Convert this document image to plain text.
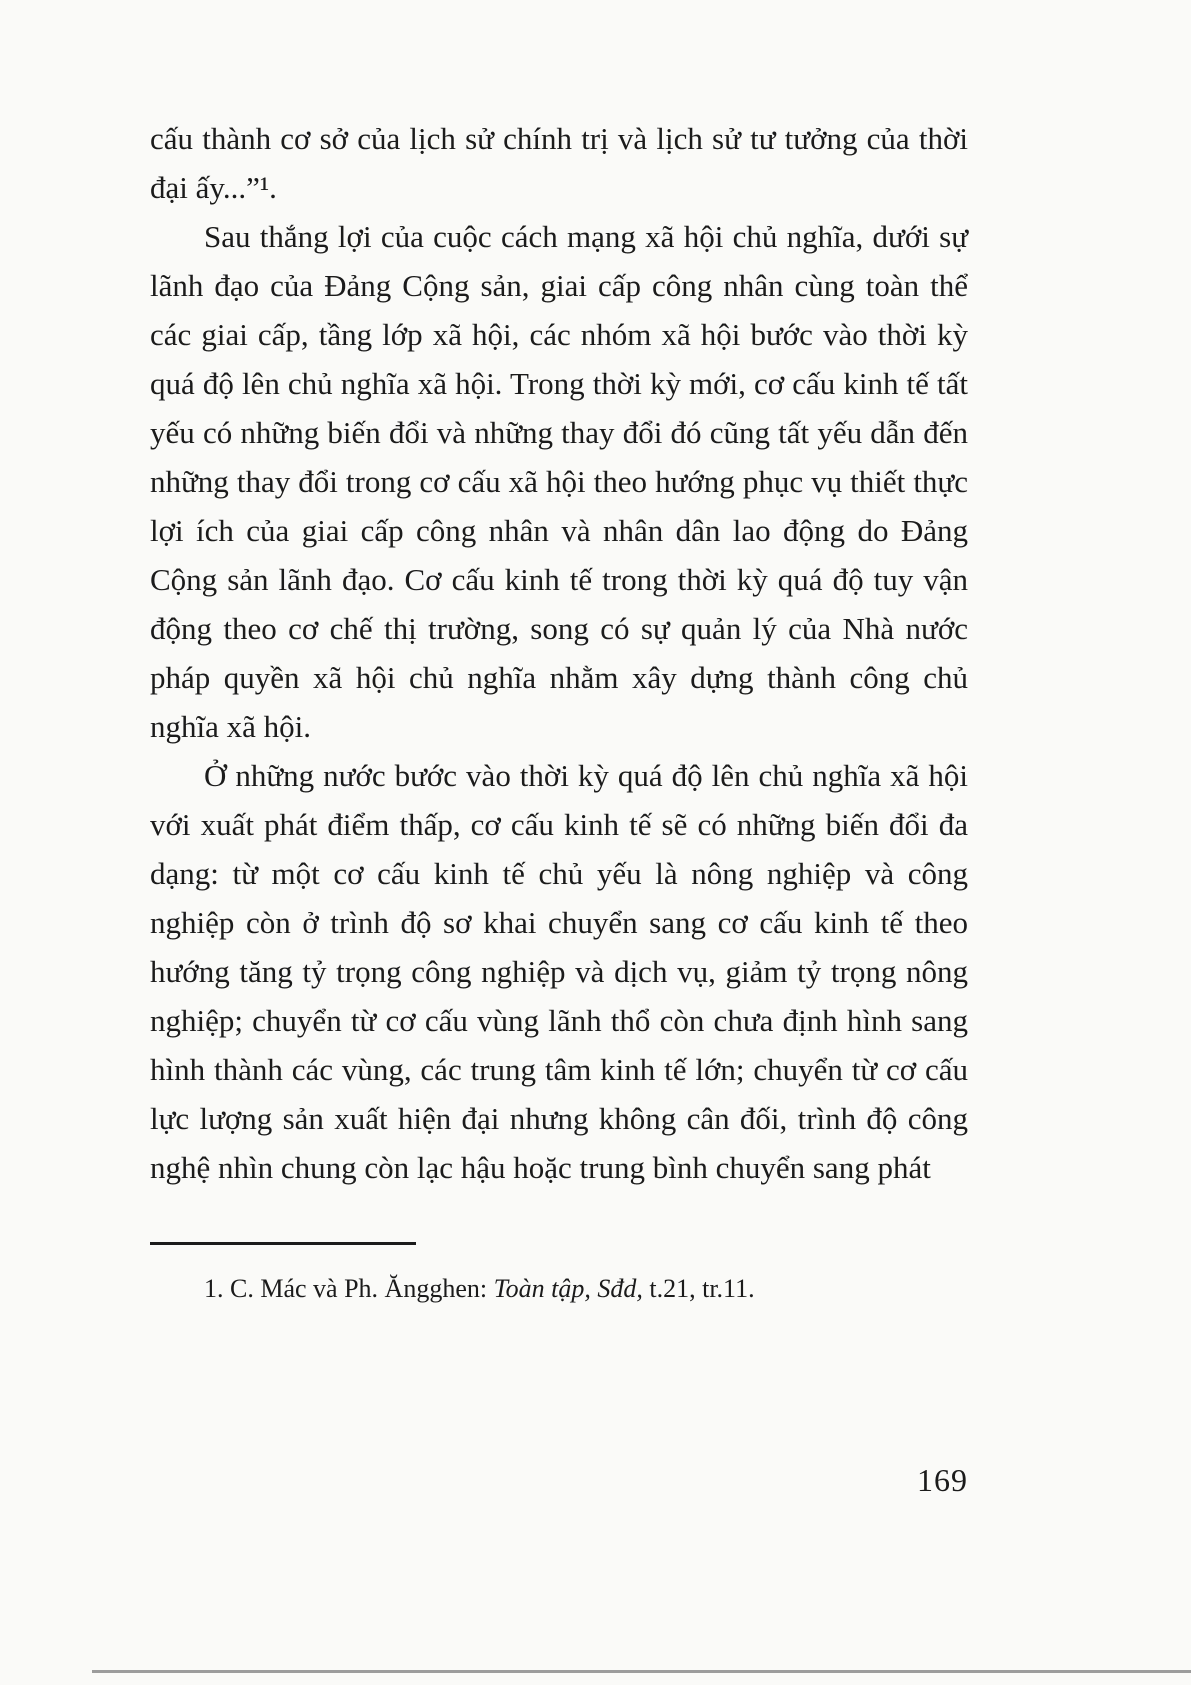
cấu thành cơ sở của lịch sử chính trị và lịch sử tư tưởng của thời đại ấy...”¹.

Sau thắng lợi của cuộc cách mạng xã hội chủ nghĩa, dưới sự lãnh đạo của Đảng Cộng sản, giai cấp công nhân cùng toàn thể các giai cấp, tầng lớp xã hội, các nhóm xã hội bước vào thời kỳ quá độ lên chủ nghĩa xã hội. Trong thời kỳ mới, cơ cấu kinh tế tất yếu có những biến đổi và những thay đổi đó cũng tất yếu dẫn đến những thay đổi trong cơ cấu xã hội theo hướng phục vụ thiết thực lợi ích của giai cấp công nhân và nhân dân lao động do Đảng Cộng sản lãnh đạo. Cơ cấu kinh tế trong thời kỳ quá độ tuy vận động theo cơ chế thị trường, song có sự quản lý của Nhà nước pháp quyền xã hội chủ nghĩa nhằm xây dựng thành công chủ nghĩa xã hội.

Ở những nước bước vào thời kỳ quá độ lên chủ nghĩa xã hội với xuất phát điểm thấp, cơ cấu kinh tế sẽ có những biến đổi đa dạng: từ một cơ cấu kinh tế chủ yếu là nông nghiệp và công nghiệp còn ở trình độ sơ khai chuyển sang cơ cấu kinh tế theo hướng tăng tỷ trọng công nghiệp và dịch vụ, giảm tỷ trọng nông nghiệp; chuyển từ cơ cấu vùng lãnh thổ còn chưa định hình sang hình thành các vùng, các trung tâm kinh tế lớn; chuyển từ cơ cấu lực lượng sản xuất hiện đại nhưng không cân đối, trình độ công nghệ nhìn chung còn lạc hậu hoặc trung bình chuyển sang phát

1. C. Mác và Ph. Ăngghen: Toàn tập, Sđd, t.21, tr.11.

169
